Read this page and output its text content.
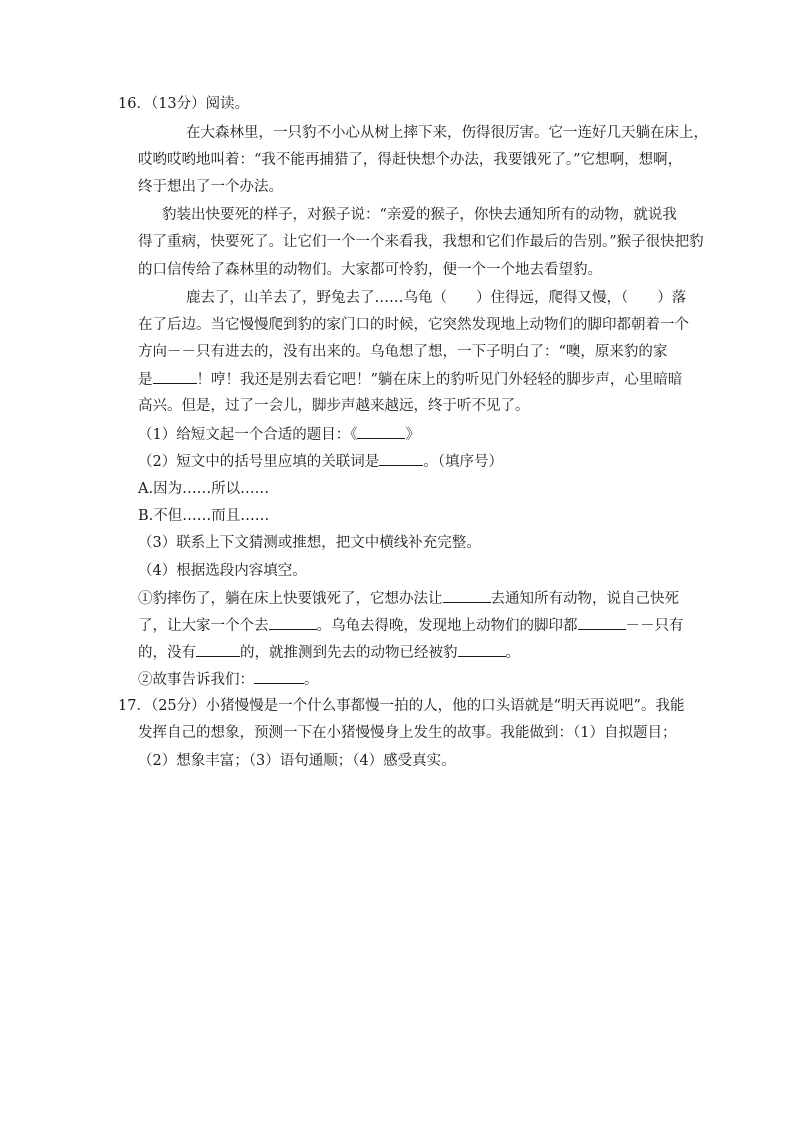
16．（13分）阅读。
在大森林里，一只豹不小心从树上摔下来，伤得很厉害。它一连好几天躺在床上，
哎哟哎哟地叫着：“我不能再捕猎了，得赶快想个办法，我要饿死了。”它想啊，想啊，
终于想出了一个办法。
豹装出快要死的样子，对猴子说：“亲爱的猴子，你快去通知所有的动物，就说我
得了重病，快要死了。让它们一个一个来看我，我想和它们作最后的告别。”猴子很快把豹
的口信传给了森林里的动物们。大家都可怜豹，便一个一个地去看望豹。
鹿去了，山羊去了，野兔去了……乌龟（　　）住得远，爬得又慢，（　　）落
在了后边。当它慢慢爬到豹的家门口的时候，它突然发现地上动物们的脚印都朝着一个
方向－－只有进去的，没有出来的。乌龟想了想，一下子明白了：“噢，原来豹的家
是	！哼！我还是别去看它吧！”躺在床上的豹听见门外轻轻的脚步声，心里暗暗
高兴。但是，过了一会儿，脚步声越来越远，终于听不见了。
（1）给短文起一个合适的题目：《	》
（2）短文中的括号里应填的关联词是	。（填序号）
A.因为……所以……
B.不但……而且……
（3）联系上下文猜测或推想，把文中横线补充完整。
（4）根据选段内容填空。
①豹摔伤了，躺在床上快要饿死了，它想办法让	去通知所有动物，说自己快死
了，让大家一个个去	。乌龟去得晚，发现地上动物们的脚印都	－－只有
的，没有	的，就推测到先去的动物已经被豹	。
②故事告诉我们：	。
17．（25分）小猪慢慢是一个什么事都慢一拍的人，他的口头语就是“明天再说吧”。我能
发挥自己的想象，预测一下在小猪慢慢身上发生的故事。我能做到：（1）自拟题目；
（2）想象丰富；（3）语句通顺；（4）感受真实。
